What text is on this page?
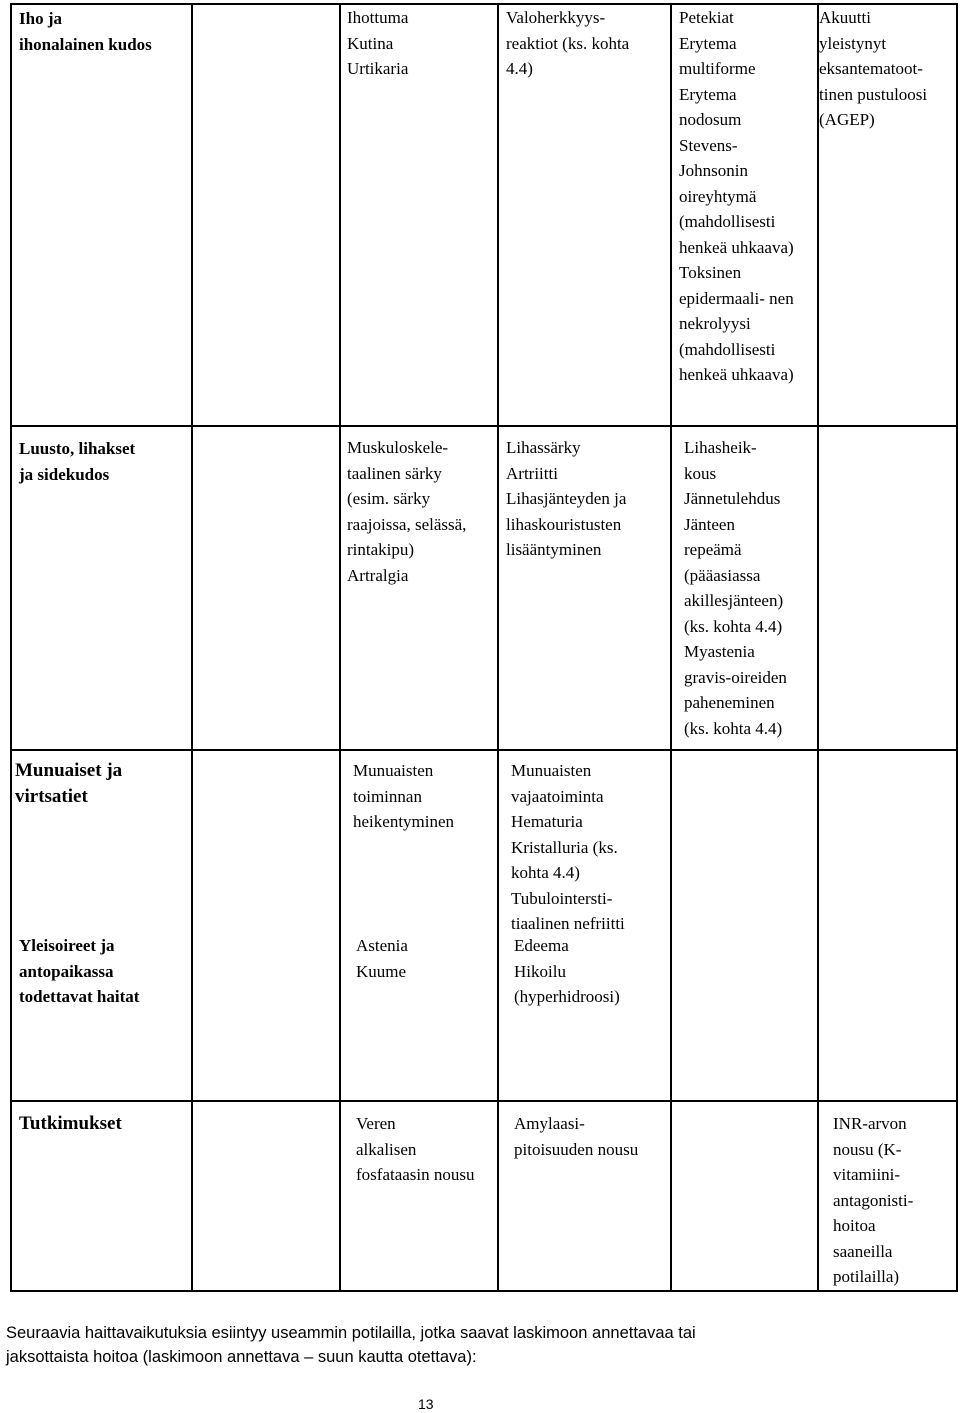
Iho ja
ihonalainen kudos
Ihottuma
Kutina
Urtikaria
Valoherkkyys-
reaktiot (ks. kohta
4.4)
Petekiat
Erytema
multiforme
Erytema
nodosum
Stevens-
Johnsonin
oireyhtymä
(mahdollisesti
henkeä uhkaava)
Toksinen
epidermaali- nen
nekrolyysi
(mahdollisesti
henkeä uhkaava)
Akuutti
yleistynyt
eksantematoot-
tinen pustuloosi
(AGEP)
Luusto, lihakset
ja sidekudos
Muskuloskele-
taalinen särky
(esim. särky
raajoissa, selässä,
rintakipu)
Artralgia
Lihassärky
Artriitti
Lihasjänteyden ja
lihaskouristusten
lisääntyminen
Lihasheik-
kous
Jännetulehdus
Jänteen
repeämä
(pääasiassa
akillesjänteen)
(ks. kohta 4.4)
Myastenia
gravis-oireiden
paheneminen
(ks. kohta 4.4)
Munuaiset ja
virtsatiet
Munuaisten
toiminnan
heikentyminen
Munuaisten
vajaatoiminta
Hematuria
Kristalluria (ks.
kohta 4.4)
Tubulointersti-
tiaalinen nefriitti
Yleisoireet ja
antopaikassa
todettavat haitat
Astenia
Kuume
Edeema
Hikoilu
(hyperhidroosi)
Tutkimukset	Veren
alkalisen
fosfataasin nousu
Amylaasi-
pitoisuuden nousu
INR-arvon
nousu (K-
vitamiini-
antagonisti-
hoitoa
saaneilla
potilailla)
Seuraavia haittavaikutuksia esiintyy useammin potilailla, jotka saavat laskimoon annettavaa tai
jaksottaista hoitoa (laskimoon annettava – suun kautta otettava):
13
